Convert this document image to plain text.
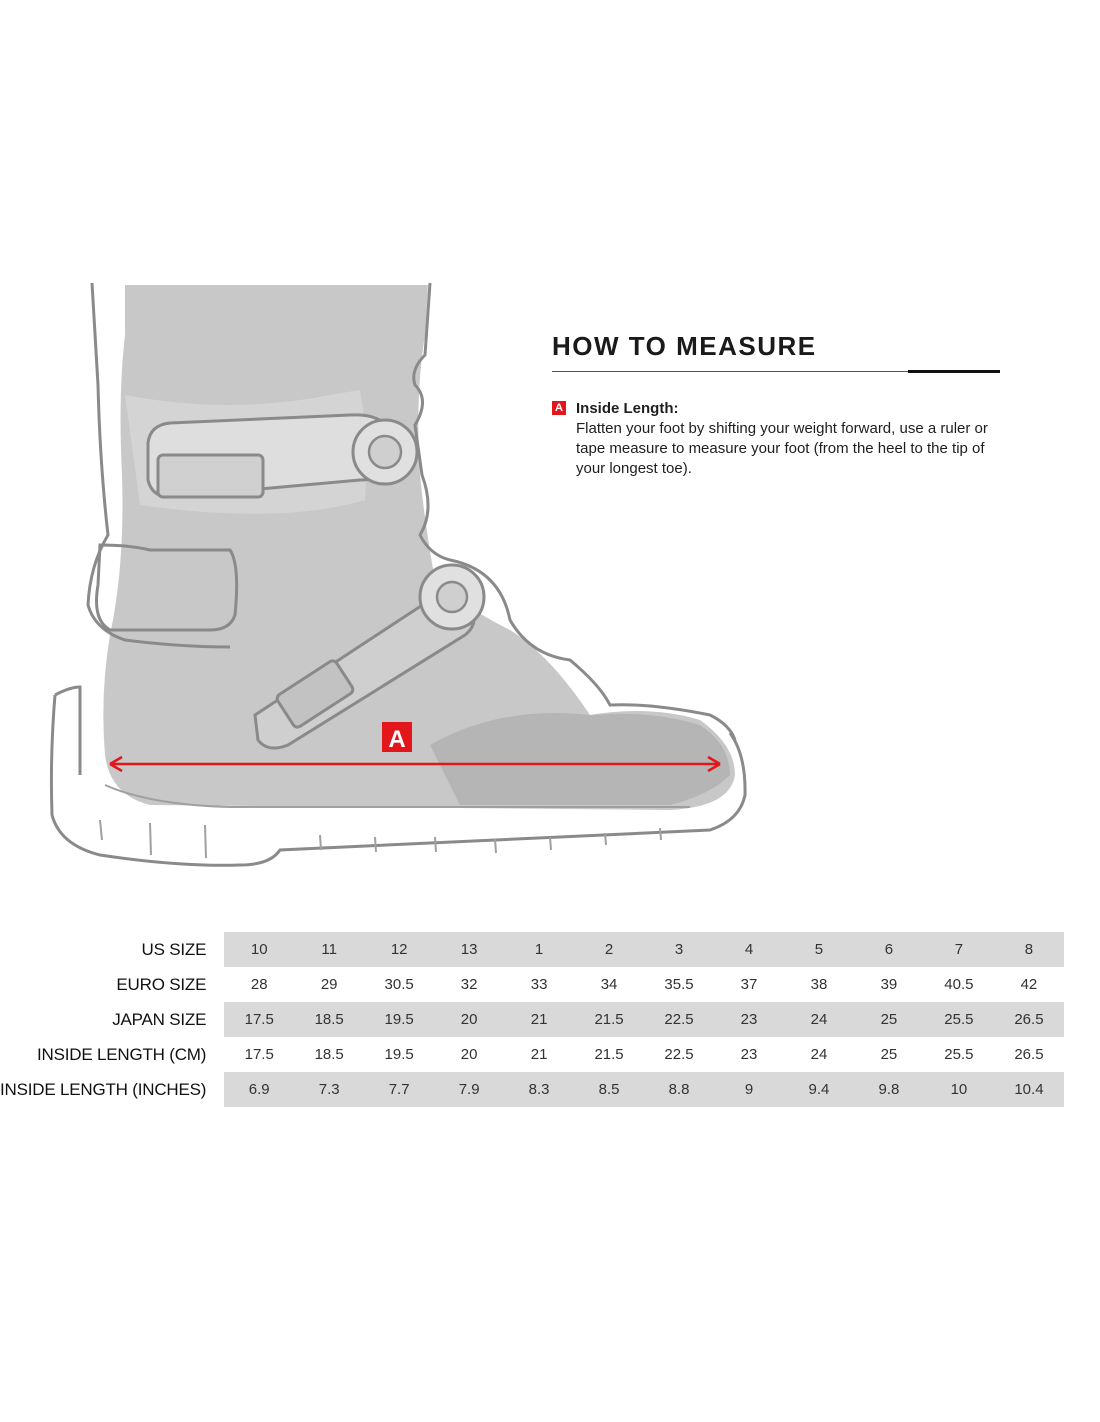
A
HOW TO MEASURE
A Inside Length:
Flatten your foot by shifting your weight forward, use a ruler or tape measure to measure your foot (from the heel to the tip of your longest toe).
US SIZE	10	11	12	13	1	2	3	4	5	6	7	8
EURO SIZE	28	29	30.5	32	33	34	35.5	37	38	39	40.5	42
JAPAN SIZE	17.5	18.5	19.5	20	21	21.5	22.5	23	24	25	25.5	26.5
INSIDE LENGTH (CM)	17.5	18.5	19.5	20	21	21.5	22.5	23	24	25	25.5	26.5
INSIDE LENGTH (INCHES)	6.9	7.3	7.7	7.9	8.3	8.5	8.8	9	9.4	9.8	10	10.4
